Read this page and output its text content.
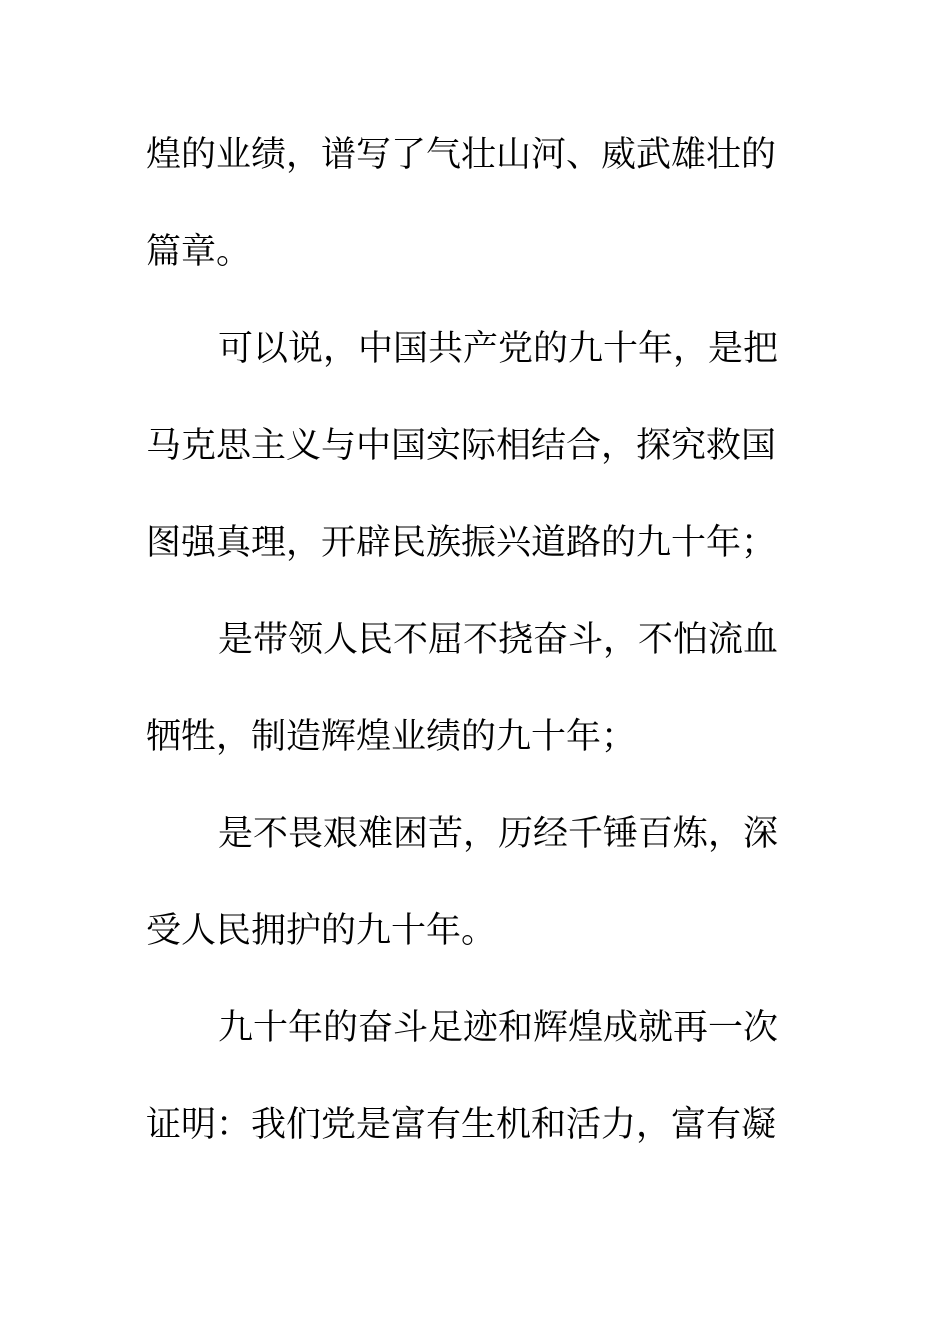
煌的业绩，谱写了气壮山河、威武雄壮的
篇章。
可以说，中国共产党的九十年，是把
马克思主义与中国实际相结合，探究救国
图强真理，开辟民族振兴道路的九十年；
是带领人民不屈不挠奋斗，不怕流血
牺牲，制造辉煌业绩的九十年；
是不畏艰难困苦，历经千锤百炼，深
受人民拥护的九十年。
九十年的奋斗足迹和辉煌成就再一次
证明：我们党是富有生机和活力，富有凝
